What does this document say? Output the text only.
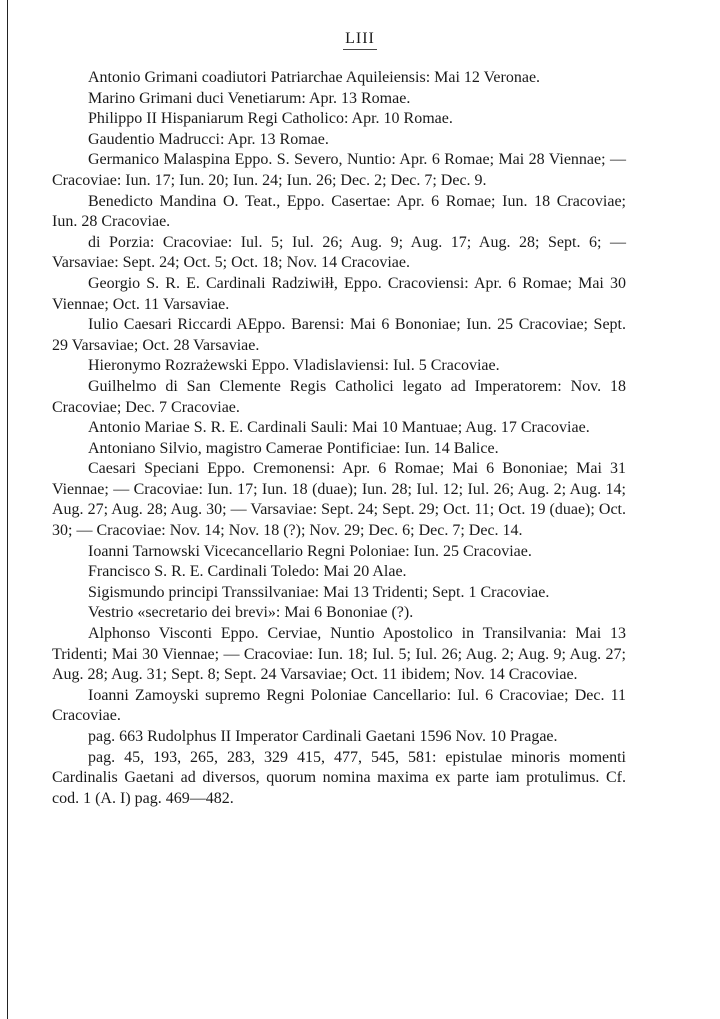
LIII

Antonio Grimani coadiutori Patriarchae Aquileiensis: Mai 12 Veronae.

Marino Grimani duci Venetiarum: Apr. 13 Romae.

Philippo II Hispaniarum Regi Catholico: Apr. 10 Romae.

Gaudentio Madrucci: Apr. 13 Romae.

Germanico Malaspina Eppo. S. Severo, Nuntio: Apr. 6 Romae; Mai 28 Viennae; — Cracoviae: Iun. 17; Iun. 20; Iun. 24; Iun. 26; Dec. 2; Dec. 7; Dec. 9.

Benedicto Mandina O. Teat., Eppo. Casertae: Apr. 6 Romae; Iun. 18 Cracoviae; Iun. 28 Cracoviae.

di Porzia: Cracoviae: Iul. 5; Iul. 26; Aug. 9; Aug. 17; Aug. 28; Sept. 6; — Varsaviae: Sept. 24; Oct. 5; Oct. 18; Nov. 14 Cracoviae.

Georgio S. R. E. Cardinali Radziwiłł, Eppo. Cracoviensi: Apr. 6 Romae; Mai 30 Viennae; Oct. 11 Varsaviae.

Iulio Caesari Riccardi AEppo. Barensi: Mai 6 Bononiae; Iun. 25 Cracoviae; Sept. 29 Varsaviae; Oct. 28 Varsaviae.

Hieronymo Rozrażewski Eppo. Vladislaviensi: Iul. 5 Cracoviae.

Guilhelmo di San Clemente Regis Catholici legato ad Imperatorem: Nov. 18 Cracoviae; Dec. 7 Cracoviae.

Antonio Mariae S. R. E. Cardinali Sauli: Mai 10 Mantuae; Aug. 17 Cracoviae.

Antoniano Silvio, magistro Camerae Pontificiae: Iun. 14 Balice.

Caesari Speciani Eppo. Cremonensi: Apr. 6 Romae; Mai 6 Bononiae; Mai 31 Viennae; — Cracoviae: Iun. 17; Iun. 18 (duae); Iun. 28; Iul. 12; Iul. 26; Aug. 2; Aug. 14; Aug. 27; Aug. 28; Aug. 30; — Varsaviae: Sept. 24; Sept. 29; Oct. 11; Oct. 19 (duae); Oct. 30; — Cracoviae: Nov. 14; Nov. 18 (?); Nov. 29; Dec. 6; Dec. 7; Dec. 14.

Ioanni Tarnowski Vicecancellario Regni Poloniae: Iun. 25 Cracoviae.

Francisco S. R. E. Cardinali Toledo: Mai 20 Alae.

Sigismundo principi Transsilvaniae: Mai 13 Tridenti; Sept. 1 Cracoviae.

Vestrio «secretario dei brevi»: Mai 6 Bononiae (?).

Alphonso Visconti Eppo. Cerviae, Nuntio Apostolico in Transilvania: Mai 13 Tridenti; Mai 30 Viennae; — Cracoviae: Iun. 18; Iul. 5; Iul. 26; Aug. 2; Aug. 9; Aug. 27; Aug. 28; Aug. 31; Sept. 8; Sept. 24 Varsaviae; Oct. 11 ibidem; Nov. 14 Cracoviae.

Ioanni Zamoyski supremo Regni Poloniae Cancellario: Iul. 6 Cracoviae; Dec. 11 Cracoviae.

pag. 663 Rudolphus II Imperator Cardinali Gaetani 1596 Nov. 10 Pragae.

pag. 45, 193, 265, 283, 329 415, 477, 545, 581: epistulae minoris momenti Cardinalis Gaetani ad diversos, quorum nomina maxima ex parte iam protulimus. Cf. cod. 1 (A. I) pag. 469—482.
